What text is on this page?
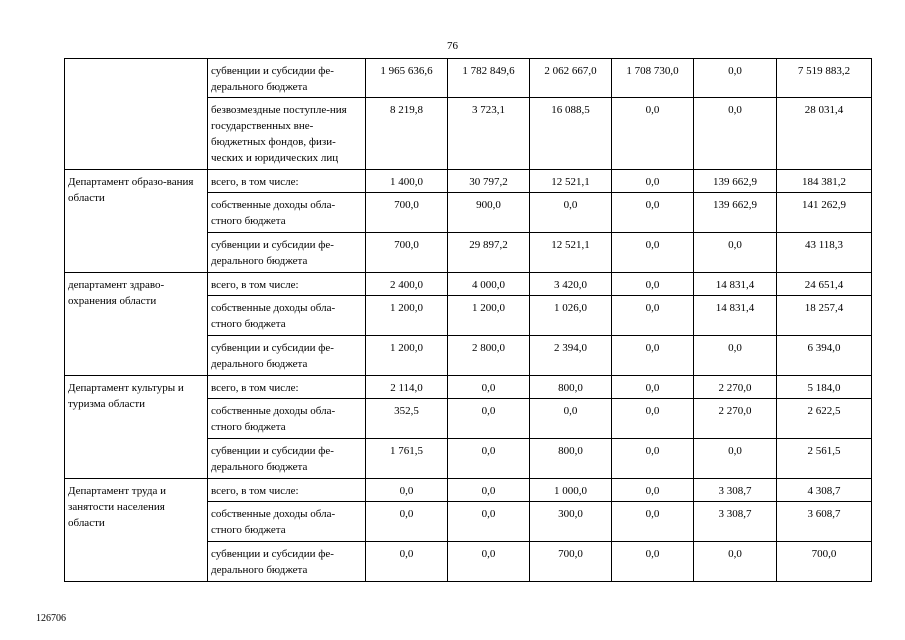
76
	субвенции и субсидии фе-дерального бюджета	1 965 636,6	1 782 849,6	2 062 667,0	1 708 730,0	0,0	7 519 883,2
	безвозмездные поступле-ния государственных вне-бюджетных фондов, физи-ческих и юридических лиц	8 219,8	3 723,1	16 088,5	0,0	0,0	28 031,4
Департамент образо-вания области	всего, в том числе:	1 400,0	30 797,2	12 521,1	0,0	139 662,9	184 381,2
	собственные доходы обла-стного бюджета	700,0	900,0	0,0	0,0	139 662,9	141 262,9
	субвенции и субсидии фе-дерального бюджета	700,0	29 897,2	12 521,1	0,0	0,0	43 118,3
департамент здраво-охранения области	всего, в том числе:	2 400,0	4 000,0	3 420,0	0,0	14 831,4	24 651,4
	собственные доходы обла-стного бюджета	1 200,0	1 200,0	1 026,0	0,0	14 831,4	18 257,4
	субвенции и субсидии фе-дерального бюджета	1 200,0	2 800,0	2 394,0	0,0	0,0	6 394,0
Департамент культуры и туризма области	всего, в том числе:	2 114,0	0,0	800,0	0,0	2 270,0	5 184,0
	собственные доходы обла-стного бюджета	352,5	0,0	0,0	0,0	2 270,0	2 622,5
	субвенции и субсидии фе-дерального бюджета	1 761,5	0,0	800,0	0,0	0,0	2 561,5
Департамент труда и занятости населения области	всего, в том числе:	0,0	0,0	1 000,0	0,0	3 308,7	4 308,7
	собственные доходы обла-стного бюджета	0,0	0,0	300,0	0,0	3 308,7	3 608,7
	субвенции и субсидии фе-дерального бюджета	0,0	0,0	700,0	0,0	0,0	700,0
126706
